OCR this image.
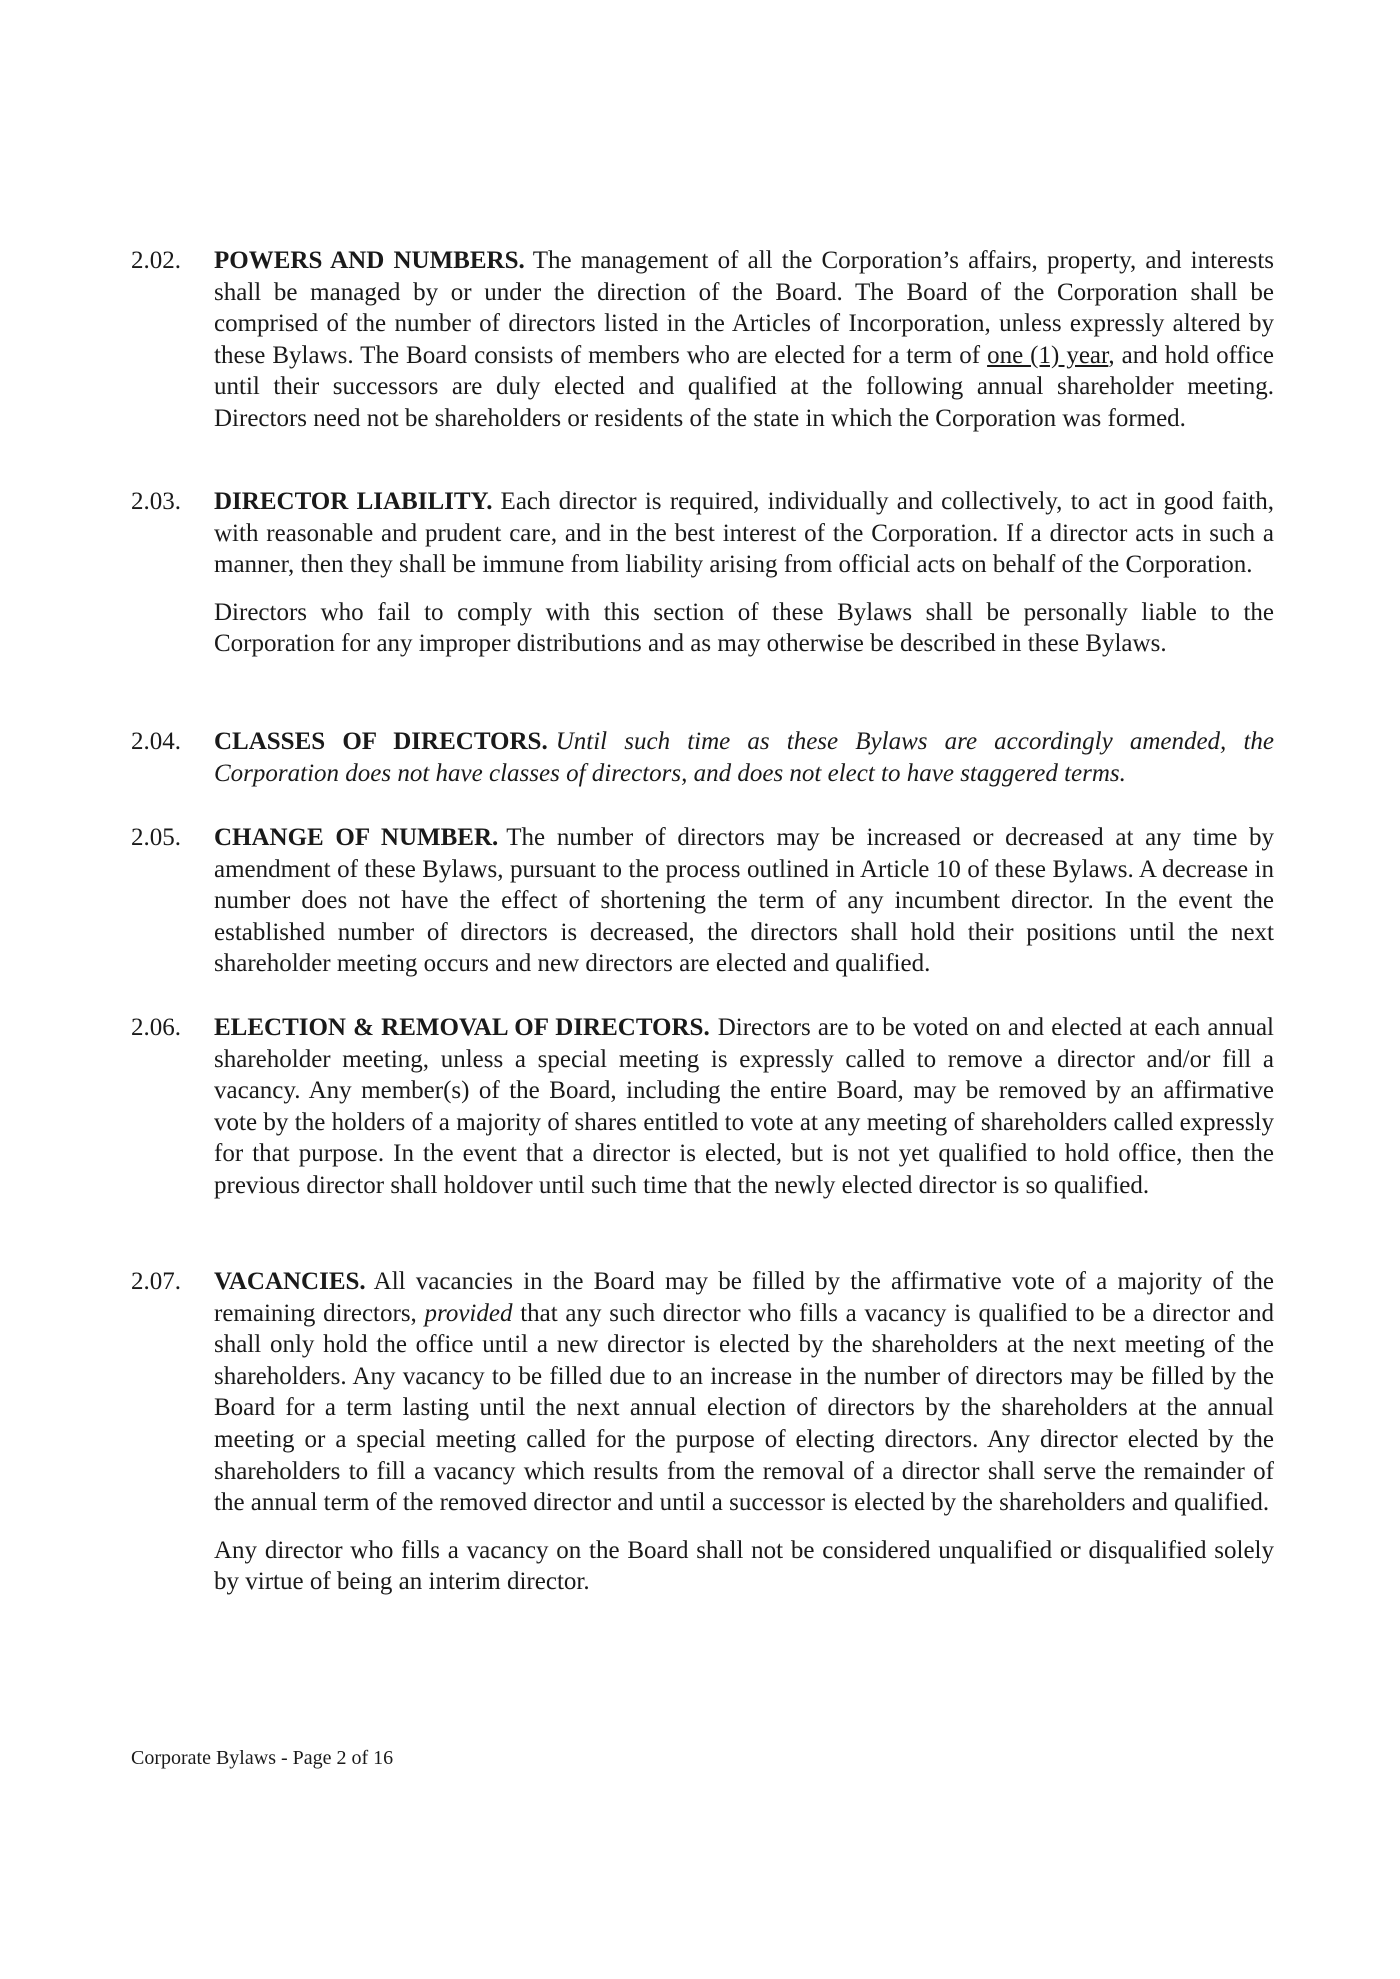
2.02.	POWERS AND NUMBERS. The management of all the Corporation’s affairs, property, and interests shall be managed by or under the direction of the Board. The Board of the Corporation shall be comprised of the number of directors listed in the Articles of Incorporation, unless expressly altered by these Bylaws. The Board consists of members who are elected for a term of one (1) year, and hold office until their successors are duly elected and qualified at the following annual shareholder meeting. Directors need not be shareholders or residents of the state in which the Corporation was formed.

2.03.	DIRECTOR LIABILITY. Each director is required, individually and collectively, to act in good faith, with reasonable and prudent care, and in the best interest of the Corporation. If a director acts in such a manner, then they shall be immune from liability arising from official acts on behalf of the Corporation.

Directors who fail to comply with this section of these Bylaws shall be personally liable to the Corporation for any improper distributions and as may otherwise be described in these Bylaws.

2.04.	CLASSES OF DIRECTORS. Until such time as these Bylaws are accordingly amended, the Corporation does not have classes of directors, and does not elect to have staggered terms.

2.05.	CHANGE OF NUMBER. The number of directors may be increased or decreased at any time by amendment of these Bylaws, pursuant to the process outlined in Article 10 of these Bylaws. A decrease in number does not have the effect of shortening the term of any incumbent director. In the event the established number of directors is decreased, the directors shall hold their positions until the next shareholder meeting occurs and new directors are elected and qualified.

2.06.	ELECTION & REMOVAL OF DIRECTORS. Directors are to be voted on and elected at each annual shareholder meeting, unless a special meeting is expressly called to remove a director and/or fill a vacancy. Any member(s) of the Board, including the entire Board, may be removed by an affirmative vote by the holders of a majority of shares entitled to vote at any meeting of shareholders called expressly for that purpose. In the event that a director is elected, but is not yet qualified to hold office, then the previous director shall holdover until such time that the newly elected director is so qualified.

2.07.	VACANCIES. All vacancies in the Board may be filled by the affirmative vote of a majority of the remaining directors, provided that any such director who fills a vacancy is qualified to be a director and shall only hold the office until a new director is elected by the shareholders at the next meeting of the shareholders. Any vacancy to be filled due to an increase in the number of directors may be filled by the Board for a term lasting until the next annual election of directors by the shareholders at the annual meeting or a special meeting called for the purpose of electing directors. Any director elected by the shareholders to fill a vacancy which results from the removal of a director shall serve the remainder of the annual term of the removed director and until a successor is elected by the shareholders and qualified.

Any director who fills a vacancy on the Board shall not be considered unqualified or disqualified solely by virtue of being an interim director.

Corporate Bylaws - Page 2 of 16
